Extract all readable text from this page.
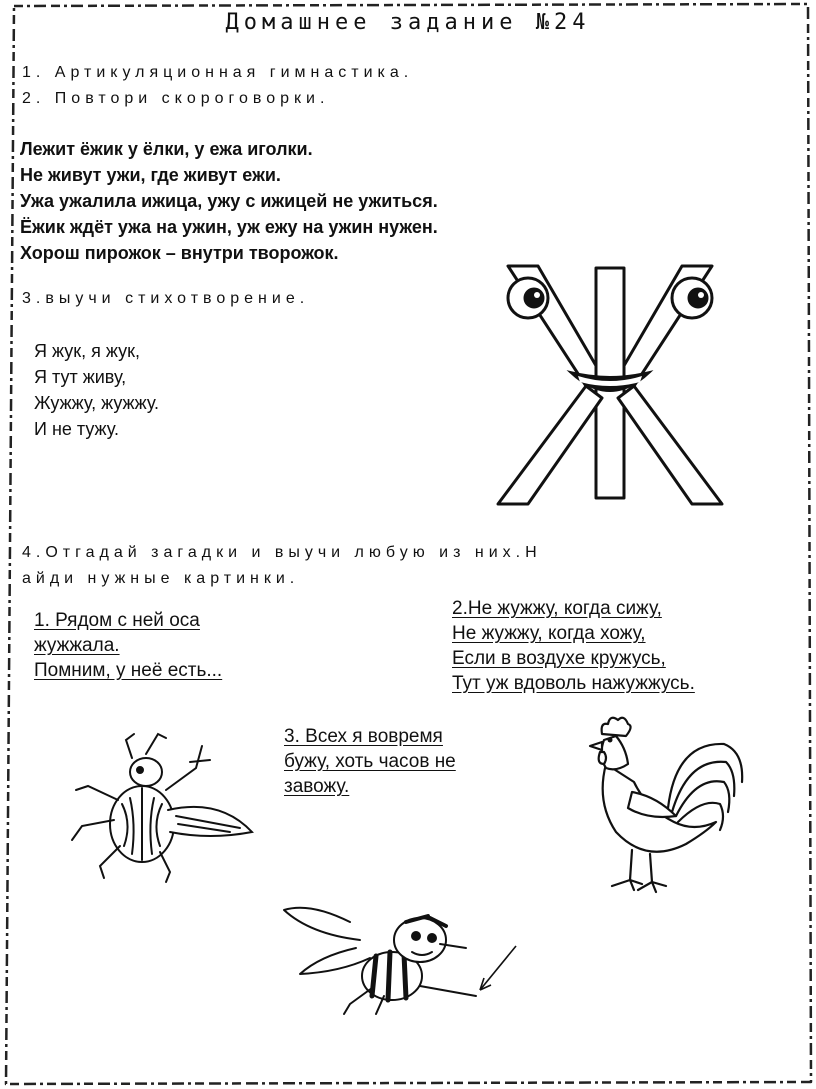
Домашнее задание №24
1. Артикуляционная гимнастика.
2. Повтори скороговорки.
Лежит ёжик у ёлки, у ежа иголки.
Не живут ужи, где живут ежи.
Ужа ужалила ижица, ужу с ижицей не ужиться.
Ёжик ждёт ужа на ужин, уж ежу на ужин нужен.
Хорош пирожок – внутри творожок.
3.выучи стихотворение.
Я жук, я жук,
Я тут живу,
Жужжу, жужжу.
И не тужу.
4.Отгадай загадки и выучи любую из них.Н
айди нужные картинки.
1. Рядом с ней оса
жужжала.
Помним, у неё есть...
2.Не жужжу, когда сижу,
Не жужжу, когда хожу,
Если в воздухе кружусь,
Тут уж вдоволь нажужжусь.
3. Всех я вовремя
бужу, хоть часов не
завожу.
